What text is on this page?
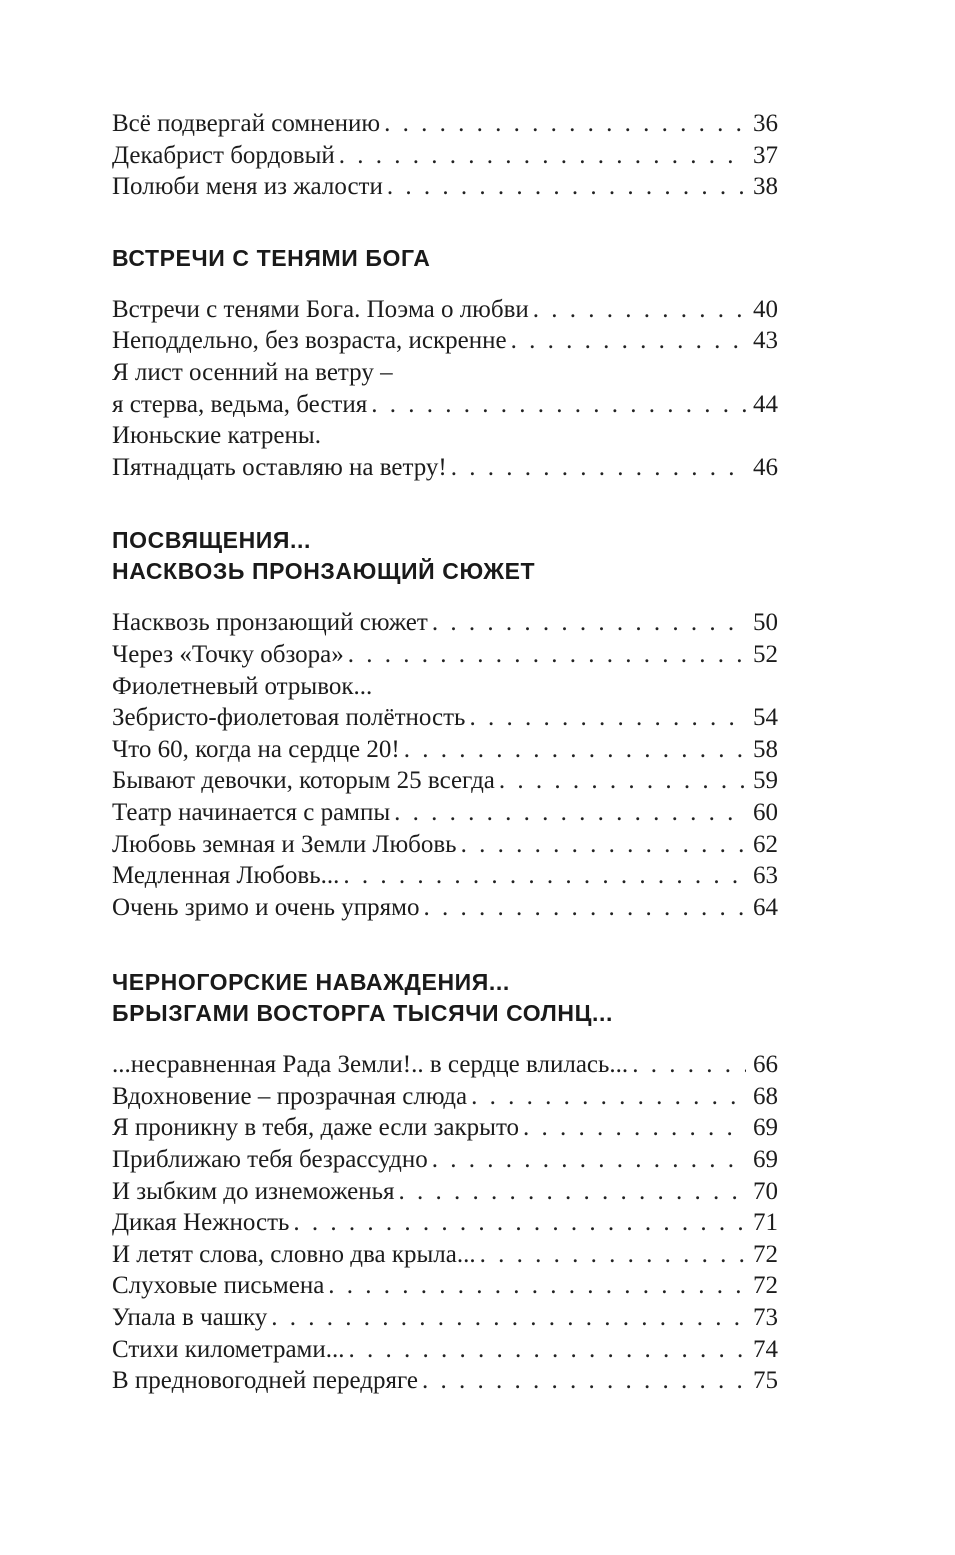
Всё подвергай сомнению . . .	36
Декабрист бордовый . . .	37
Полюби меня из жалости . . .	38
ВСТРЕЧИ С ТЕНЯМИ БОГА
Встречи с тенями Бога. Поэма о любви . . .	40
Неподдельно, без возраста, искренне . . .	43
Я лист осенний на ветру –
я стерва, ведьма, бестия . . .	44
Июньские катрены.
Пятнадцать оставляю на ветру! . . .	46
ПОСВЯЩЕНИЯ...
НАСКВОЗЬ ПРОНЗАЮЩИЙ СЮЖЕТ
Насквозь пронзающий сюжет . . .	50
Через «Точку обзора» . . .	52
Фиолетневый отрывок...
Зебристо-фиолетовая полётность . . .	54
Что 60, когда на сердце 20! . . .	58
Бывают девочки, которым 25 всегда . . .	59
Театр начинается с рампы . . .	60
Любовь земная и Земли Любовь . . .	62
Медленная Любовь... . . .	63
Очень зримо и очень упрямо . . .	64
ЧЕРНОГОРСКИЕ НАВАЖДЕНИЯ...
БРЫЗГАМИ ВОСТОРГА ТЫСЯЧИ СОЛНЦ...
...несравненная Рада Земли!.. в сердце влилась... . . .	66
Вдохновение – прозрачная слюда . . .	68
Я проникну в тебя, даже если закрыто . . .	69
Приближаю тебя безрассудно . . .	69
И зыбким до изнеможенья . . .	70
Дикая Нежность . . .	71
И летят слова, словно два крыла... . . .	72
Слуховые письмена . . .	72
Упала в чашку . . .	73
Стихи километрами... . . .	74
В предновогодней передряге . . .	75
